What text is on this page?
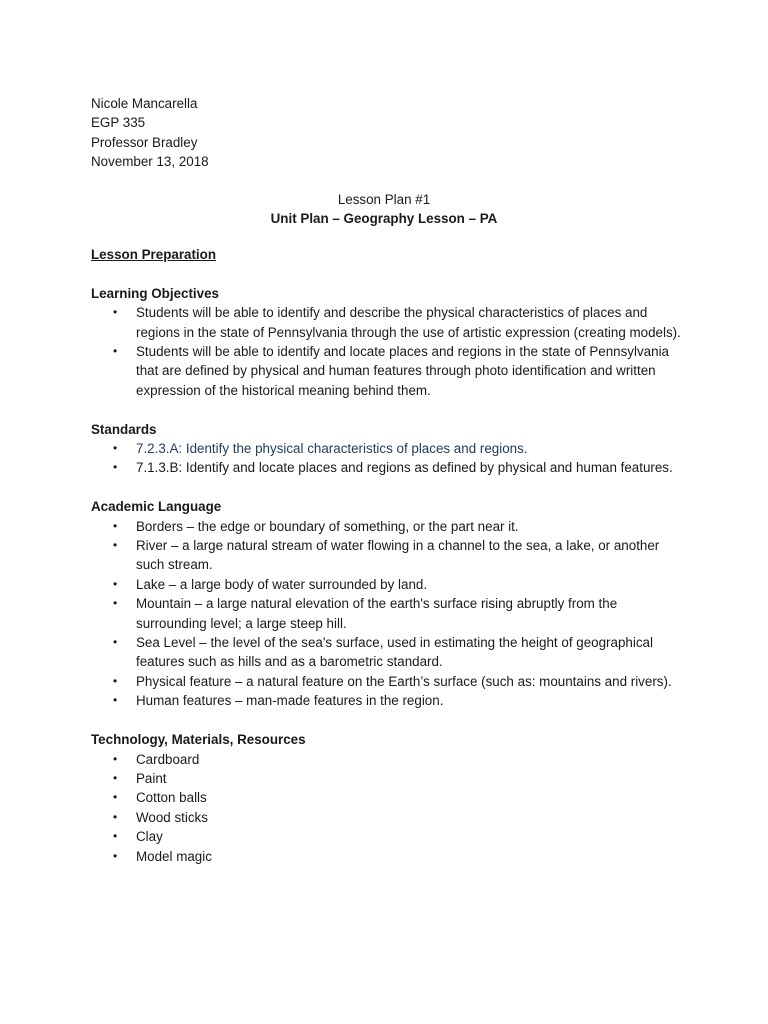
Nicole Mancarella
EGP 335
Professor Bradley
November 13, 2018
Lesson Plan #1
Unit Plan – Geography Lesson – PA
Lesson Preparation
Learning Objectives
• Students will be able to identify and describe the physical characteristics of places and regions in the state of Pennsylvania through the use of artistic expression (creating models).
• Students will be able to identify and locate places and regions in the state of Pennsylvania that are defined by physical and human features through photo identification and written expression of the historical meaning behind them.
Standards
• 7.2.3.A: Identify the physical characteristics of places and regions.
• 7.1.3.B: Identify and locate places and regions as defined by physical and human features.
Academic Language
• Borders – the edge or boundary of something, or the part near it.
• River – a large natural stream of water flowing in a channel to the sea, a lake, or another such stream.
• Lake – a large body of water surrounded by land.
• Mountain – a large natural elevation of the earth's surface rising abruptly from the surrounding level; a large steep hill.
• Sea Level – the level of the sea's surface, used in estimating the height of geographical features such as hills and as a barometric standard.
• Physical feature – a natural feature on the Earth’s surface (such as: mountains and rivers).
• Human features – man-made features in the region.
Technology, Materials, Resources
• Cardboard
• Paint
• Cotton balls
• Wood sticks
• Clay
• Model magic
